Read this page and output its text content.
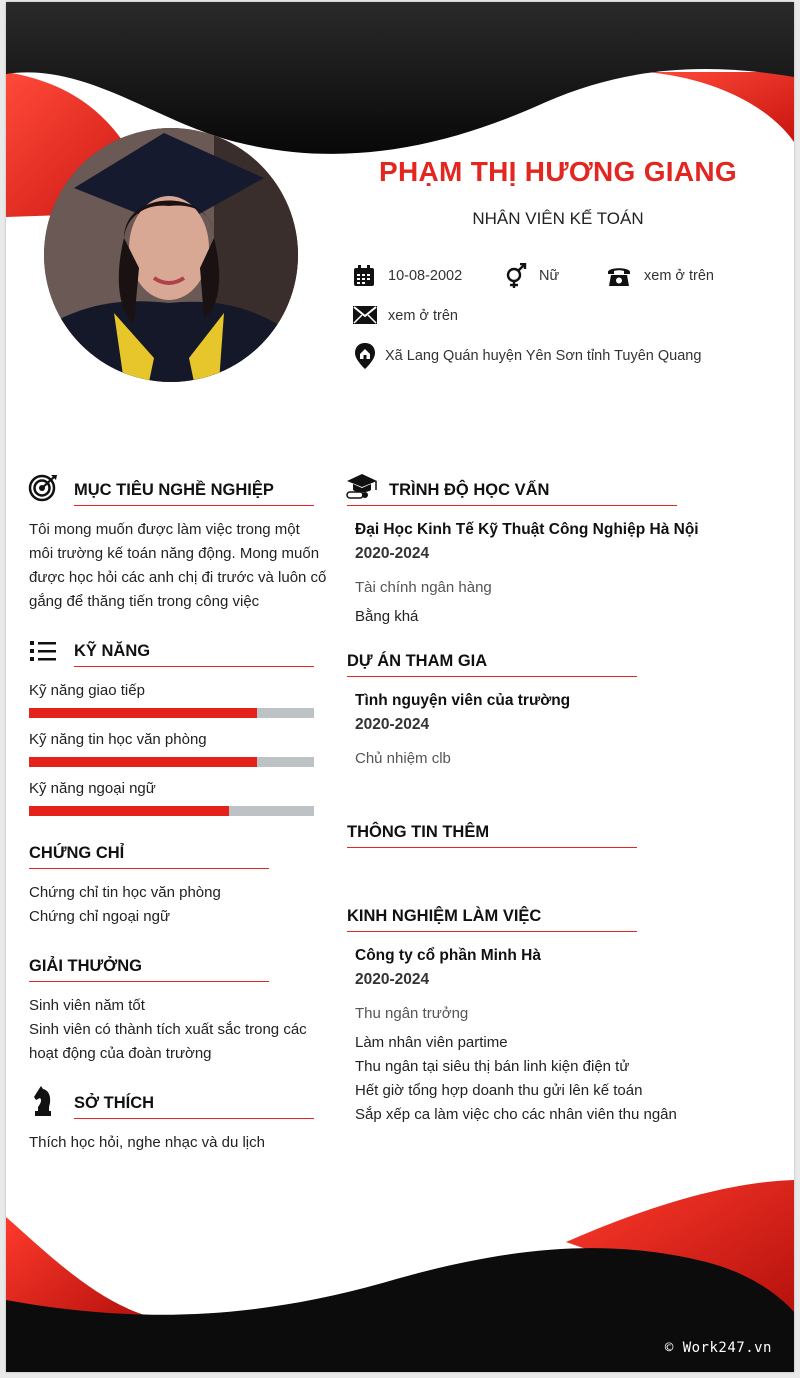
PHẠM THỊ HƯƠNG GIANG
NHÂN VIÊN KẾ TOÁN
10-08-2002	Nữ	xem ở trên
xem ở trên
Xã Lang Quán huyện Yên Sơn tỉnh Tuyên Quang
MỤC TIÊU NGHỀ NGHIỆP
Tôi mong muốn được làm việc trong một
môi trường kế toán năng động. Mong muốn
được học hỏi các anh chị đi trước và luôn cố
gắng để thăng tiến trong công việc
KỸ NĂNG
Kỹ năng giao tiếp
Kỹ năng tin học văn phòng
Kỹ năng ngoại ngữ
CHỨNG CHỈ
Chứng chỉ tin học văn phòng
Chứng chỉ ngoại ngữ
GIẢI THƯỞNG
Sinh viên năm tốt
Sinh viên có thành tích xuất sắc trong các
hoạt động của đoàn trường
SỞ THÍCH
Thích học hỏi, nghe nhạc và du lịch
TRÌNH ĐỘ HỌC VẤN
Đại Học Kinh Tế Kỹ Thuật Công Nghiệp Hà Nội
2020-2024
Tài chính ngân hàng
Bằng khá
DỰ ÁN THAM GIA
Tình nguyện viên của trường
2020-2024
Chủ nhiệm clb
THÔNG TIN THÊM
KINH NGHIỆM LÀM VIỆC
Công ty cổ phần Minh Hà
2020-2024
Thu ngân trưởng
Làm nhân viên partime
Thu ngân tại siêu thị bán linh kiện điện tử
Hết giờ tổng hợp doanh thu gửi lên kế toán
Sắp xếp ca làm việc cho các nhân viên thu ngân
© Work247.vn
